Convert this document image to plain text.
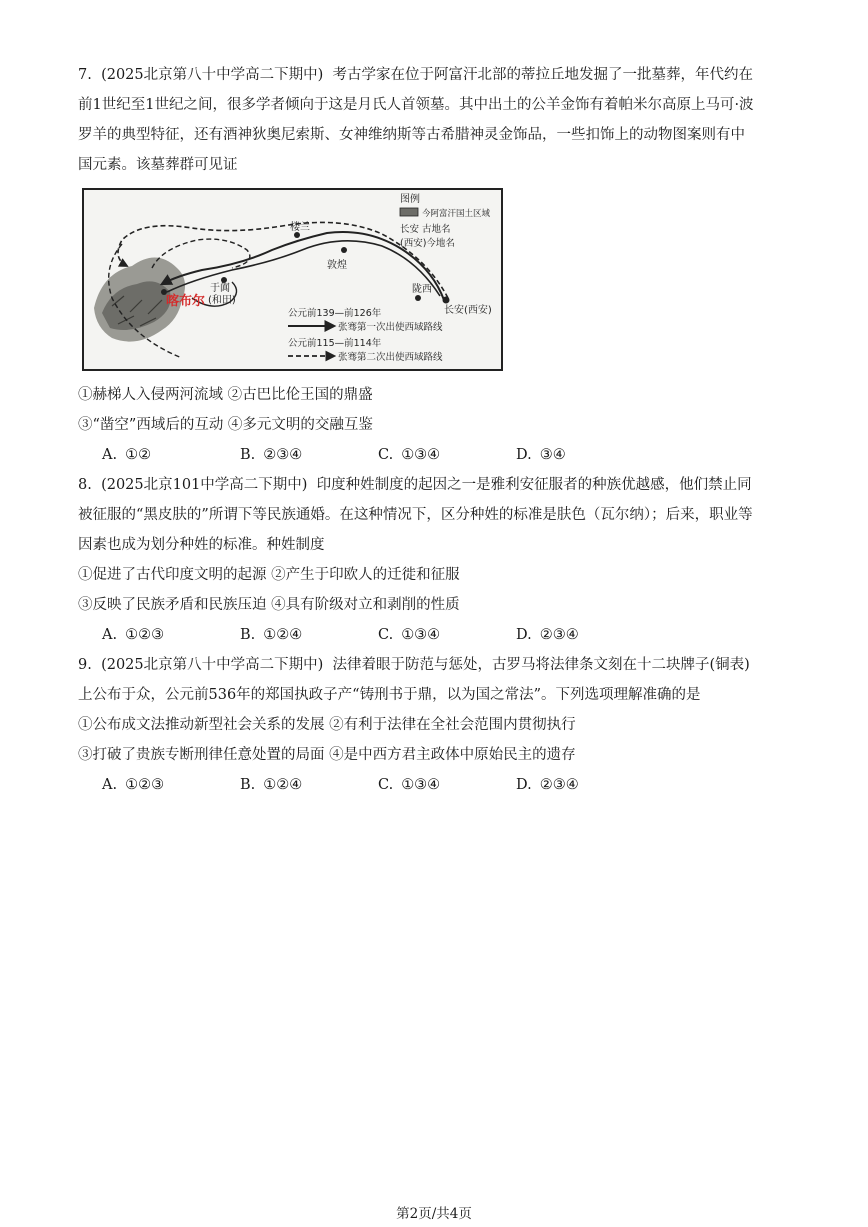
7. (2025北京第八十中学高二下期中) 考古学家在位于阿富汗北部的蒂拉丘地发掘了一批墓葬，年代约在

前1世纪至1世纪之间，很多学者倾向于这是月氏人首领墓。其中出土的公羊金饰有着帕米尔高原上马可·波

罗羊的典型特征，还有酒神狄奥尼索斯、女神维纳斯等古希腊神灵金饰品，一些扣饰上的动物图案则有中

国元素。该墓葬群可见证

楼兰
敦煌
陇西
长安(西安)
于阗
(和田)
喀布尔
图例
今阿富汗国土区域
长安 古地名
(西安)今地名
公元前139—前126年
张骞第一次出使西域路线
公元前115—前114年
张骞第二次出使西域路线

①赫梯人入侵两河流域 ②古巴比伦王国的鼎盛

③“凿空”西域后的互动 ④多元文明的交融互鉴

A. ①②	B. ②③④	C. ①③④	D. ③④

8. (2025北京101中学高二下期中) 印度种姓制度的起因之一是雅利安征服者的种族优越感，他们禁止同

被征服的“黑皮肤的”所谓下等民族通婚。在这种情况下，区分种姓的标准是肤色（瓦尔纳）；后来，职业等

因素也成为划分种姓的标准。种姓制度

①促进了古代印度文明的起源 ②产生于印欧人的迁徙和征服

③反映了民族矛盾和民族压迫 ④具有阶级对立和剥削的性质

A. ①②③	B. ①②④	C. ①③④	D. ②③④

9. (2025北京第八十中学高二下期中) 法律着眼于防范与惩处，古罗马将法律条文刻在十二块牌子(铜表)

上公布于众，公元前536年的郑国执政子产“铸刑书于鼎，以为国之常法”。下列选项理解准确的是

①公布成文法推动新型社会关系的发展 ②有利于法律在全社会范围内贯彻执行

③打破了贵族专断刑律任意处置的局面 ④是中西方君主政体中原始民主的遗存

A. ①②③	B. ①②④	C. ①③④	D. ②③④
第2页/共4页
